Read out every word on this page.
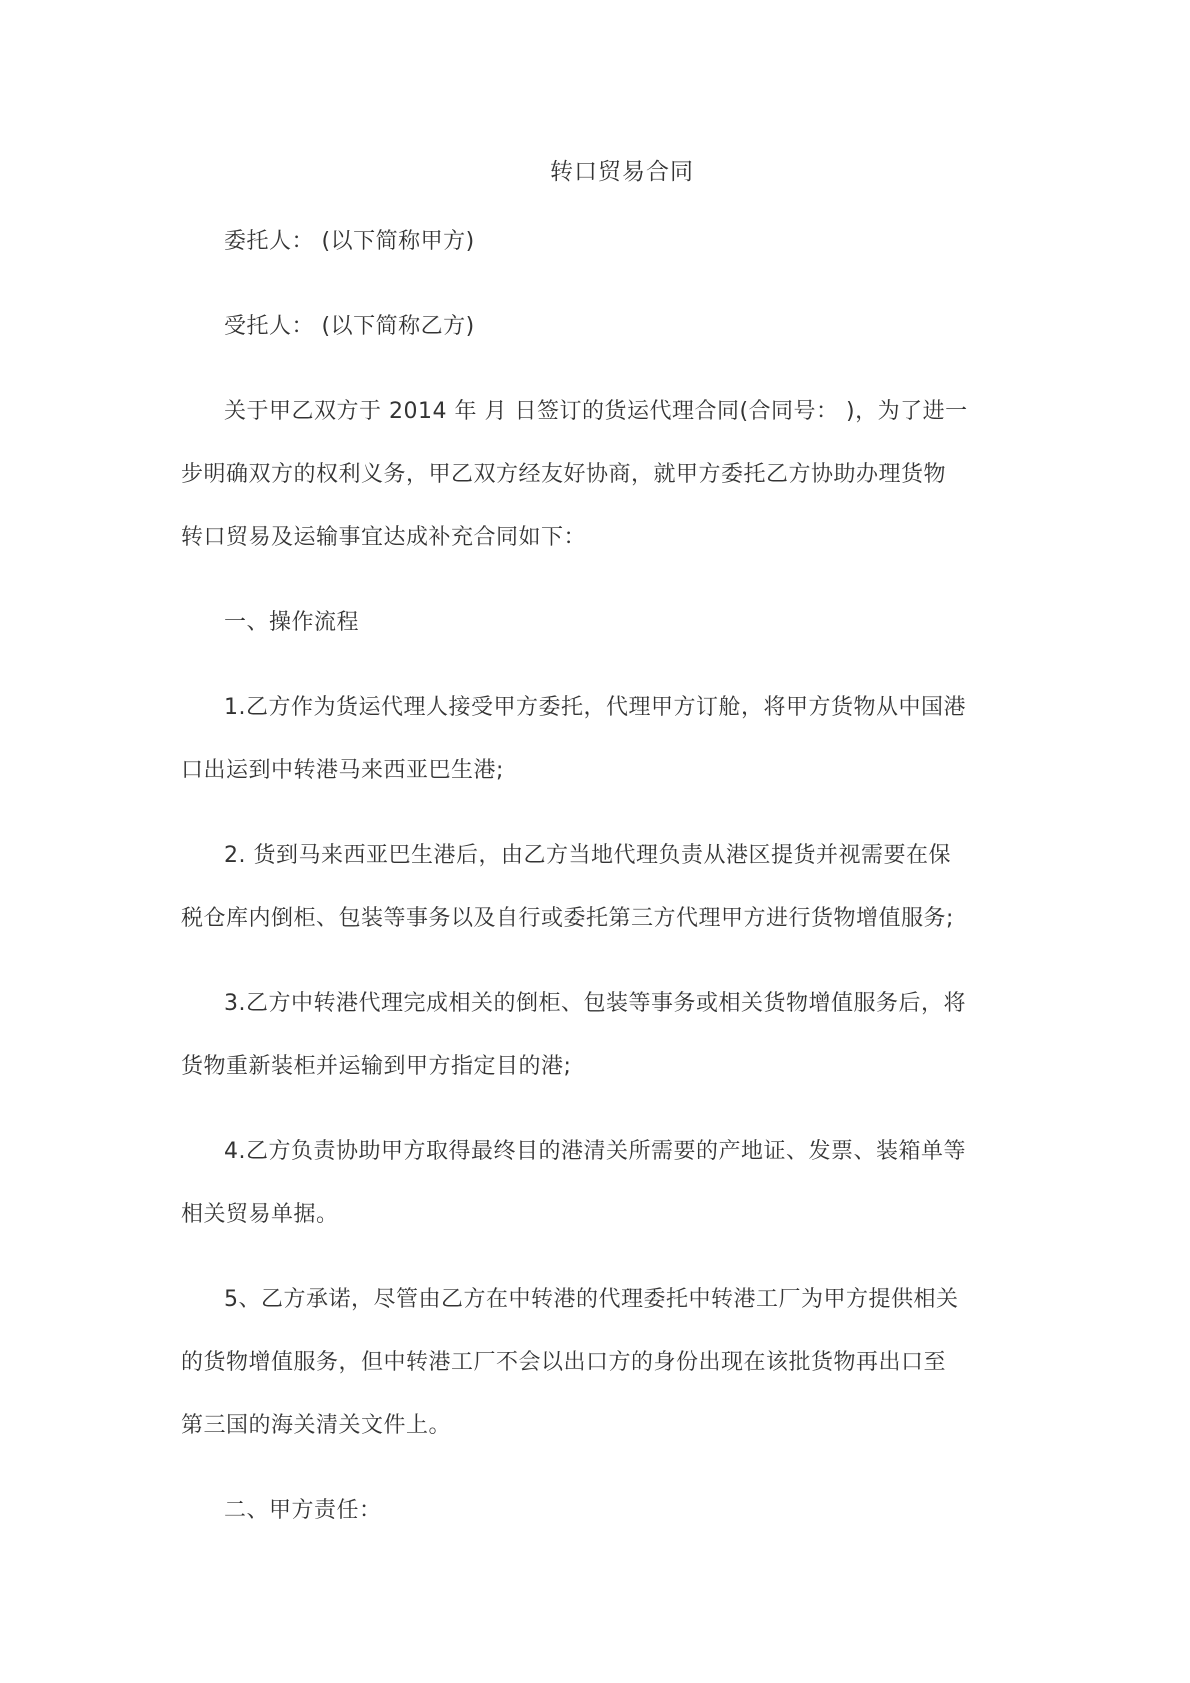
转口贸易合同
委托人： (以下简称甲方)
受托人： (以下简称乙方)
关于甲乙双方于 2014 年 月 日签订的货运代理合同(合同号： )，为了进一
步明确双方的权利义务，甲乙双方经友好协商，就甲方委托乙方协助办理货物
转口贸易及运输事宜达成补充合同如下：
一、操作流程
1.乙方作为货运代理人接受甲方委托，代理甲方订舱，将甲方货物从中国港
口出运到中转港马来西亚巴生港;
2. 货到马来西亚巴生港后，由乙方当地代理负责从港区提货并视需要在保
税仓库内倒柜、包装等事务以及自行或委托第三方代理甲方进行货物增值服务;
3.乙方中转港代理完成相关的倒柜、包装等事务或相关货物增值服务后，将
货物重新装柜并运输到甲方指定目的港;
4.乙方负责协助甲方取得最终目的港清关所需要的产地证、发票、装箱单等
相关贸易单据。
5、乙方承诺，尽管由乙方在中转港的代理委托中转港工厂为甲方提供相关
的货物增值服务，但中转港工厂不会以出口方的身份出现在该批货物再出口至
第三国的海关清关文件上。
二、甲方责任：
